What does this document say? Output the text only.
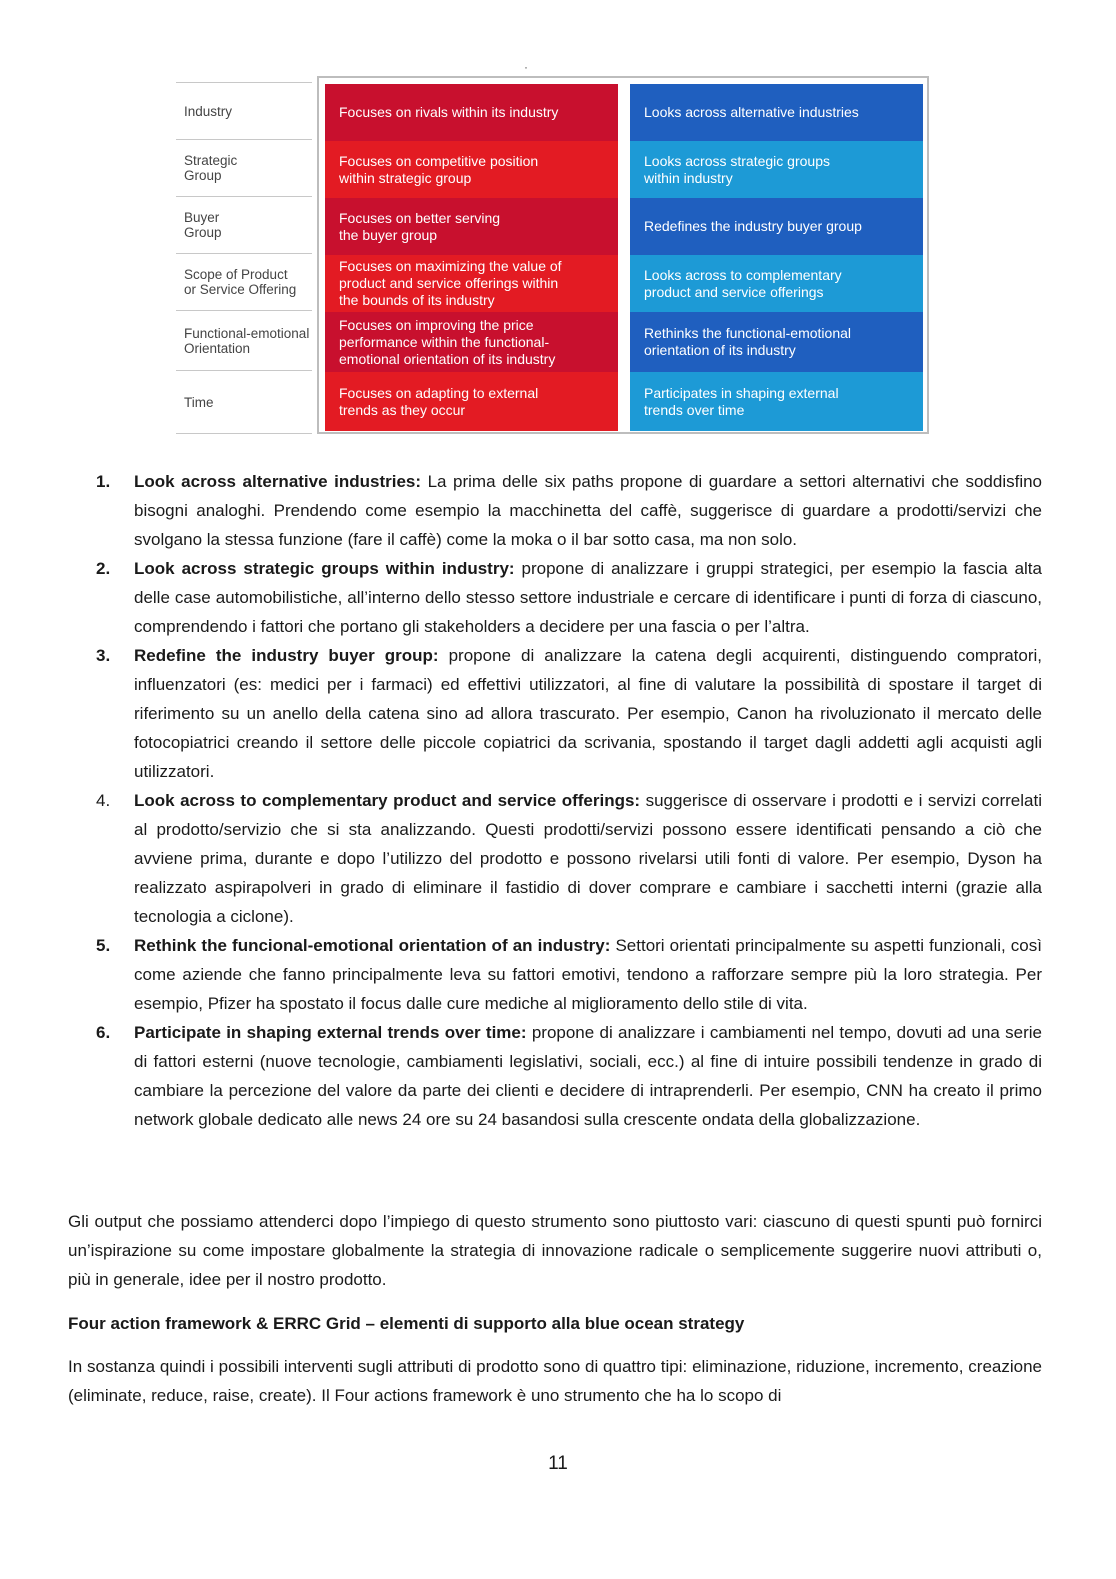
·
Industry
Strategic
Group
Buyer
Group
Scope of Product
or Service Offering
Functional-emotional
Orientation
Time
Focuses on rivals within its industry
Focuses on competitive position
within strategic group
Focuses on better serving
the buyer group
Focuses on maximizing the value of
product and service offerings within
the bounds of its industry
Focuses on improving the price
performance within the functional-
emotional orientation of its industry
Focuses on adapting to external
trends as they occur
Looks across alternative industries
Looks across strategic groups
within industry
Redefines the industry buyer group
Looks across to complementary
product and service offerings
Rethinks the functional-emotional
orientation of its industry
Participates in shaping external
trends over time
1. Look across alternative industries: La prima delle six paths propone di guardare a settori alternativi che soddisfino bisogni analoghi. Prendendo come esempio la macchinetta del caffè, suggerisce di guardare a prodotti/servizi che svolgano la stessa funzione (fare il caffè) come la moka o il bar sotto casa, ma non solo.

2. Look across strategic groups within industry: propone di analizzare i gruppi strategici, per esempio la fascia alta delle case automobilistiche, all’interno dello stesso settore industriale e cercare di identificare i punti di forza di ciascuno, comprendendo i fattori che portano gli stakeholders a decidere per una fascia o per l’altra.

3. Redefine the industry buyer group: propone di analizzare la catena degli acquirenti, distinguendo compratori, influenzatori (es: medici per i farmaci) ed effettivi utilizzatori, al fine di valutare la possibilità di spostare il target di riferimento su un anello della catena sino ad allora trascurato. Per esempio, Canon ha rivoluzionato il mercato delle fotocopiatrici creando il settore delle piccole copiatrici da scrivania, spostando il target dagli addetti agli acquisti agli utilizzatori.

4. Look across to complementary product and service offerings: suggerisce di osservare i prodotti e i servizi correlati al prodotto/servizio che si sta analizzando. Questi prodotti/servizi possono essere identificati pensando a ciò che avviene prima, durante e dopo l’utilizzo del prodotto e possono rivelarsi utili fonti di valore. Per esempio, Dyson ha realizzato aspirapolveri in grado di eliminare il fastidio di dover comprare e cambiare i sacchetti interni (grazie alla tecnologia a ciclone).

5. Rethink the funcional-emotional orientation of an industry: Settori orientati principalmente su aspetti funzionali, così come aziende che fanno principalmente leva su fattori emotivi, tendono a rafforzare sempre più la loro strategia. Per esempio, Pfizer ha spostato il focus dalle cure mediche al miglioramento dello stile di vita.

6. Participate in shaping external trends over time: propone di analizzare i cambiamenti nel tempo, dovuti ad una serie di fattori esterni (nuove tecnologie, cambiamenti legislativi, sociali, ecc.) al fine di intuire possibili tendenze in grado di cambiare la percezione del valore da parte dei clienti e decidere di intraprenderli. Per esempio, CNN ha creato il primo network globale dedicato alle news 24 ore su 24 basandosi sulla crescente ondata della globalizzazione.

Gli output che possiamo attenderci dopo l’impiego di questo strumento sono piuttosto vari: ciascuno di questi spunti può fornirci un’ispirazione su come impostare globalmente la strategia di innovazione radicale o semplicemente suggerire nuovi attributi o, più in generale, idee per il nostro prodotto.

Four action framework & ERRC Grid – elementi di supporto alla blue ocean strategy

In sostanza quindi i possibili interventi sugli attributi di prodotto sono di quattro tipi: eliminazione, riduzione, incremento, creazione (eliminate, reduce, raise, create). Il Four actions framework è uno strumento che ha lo scopo di

11
